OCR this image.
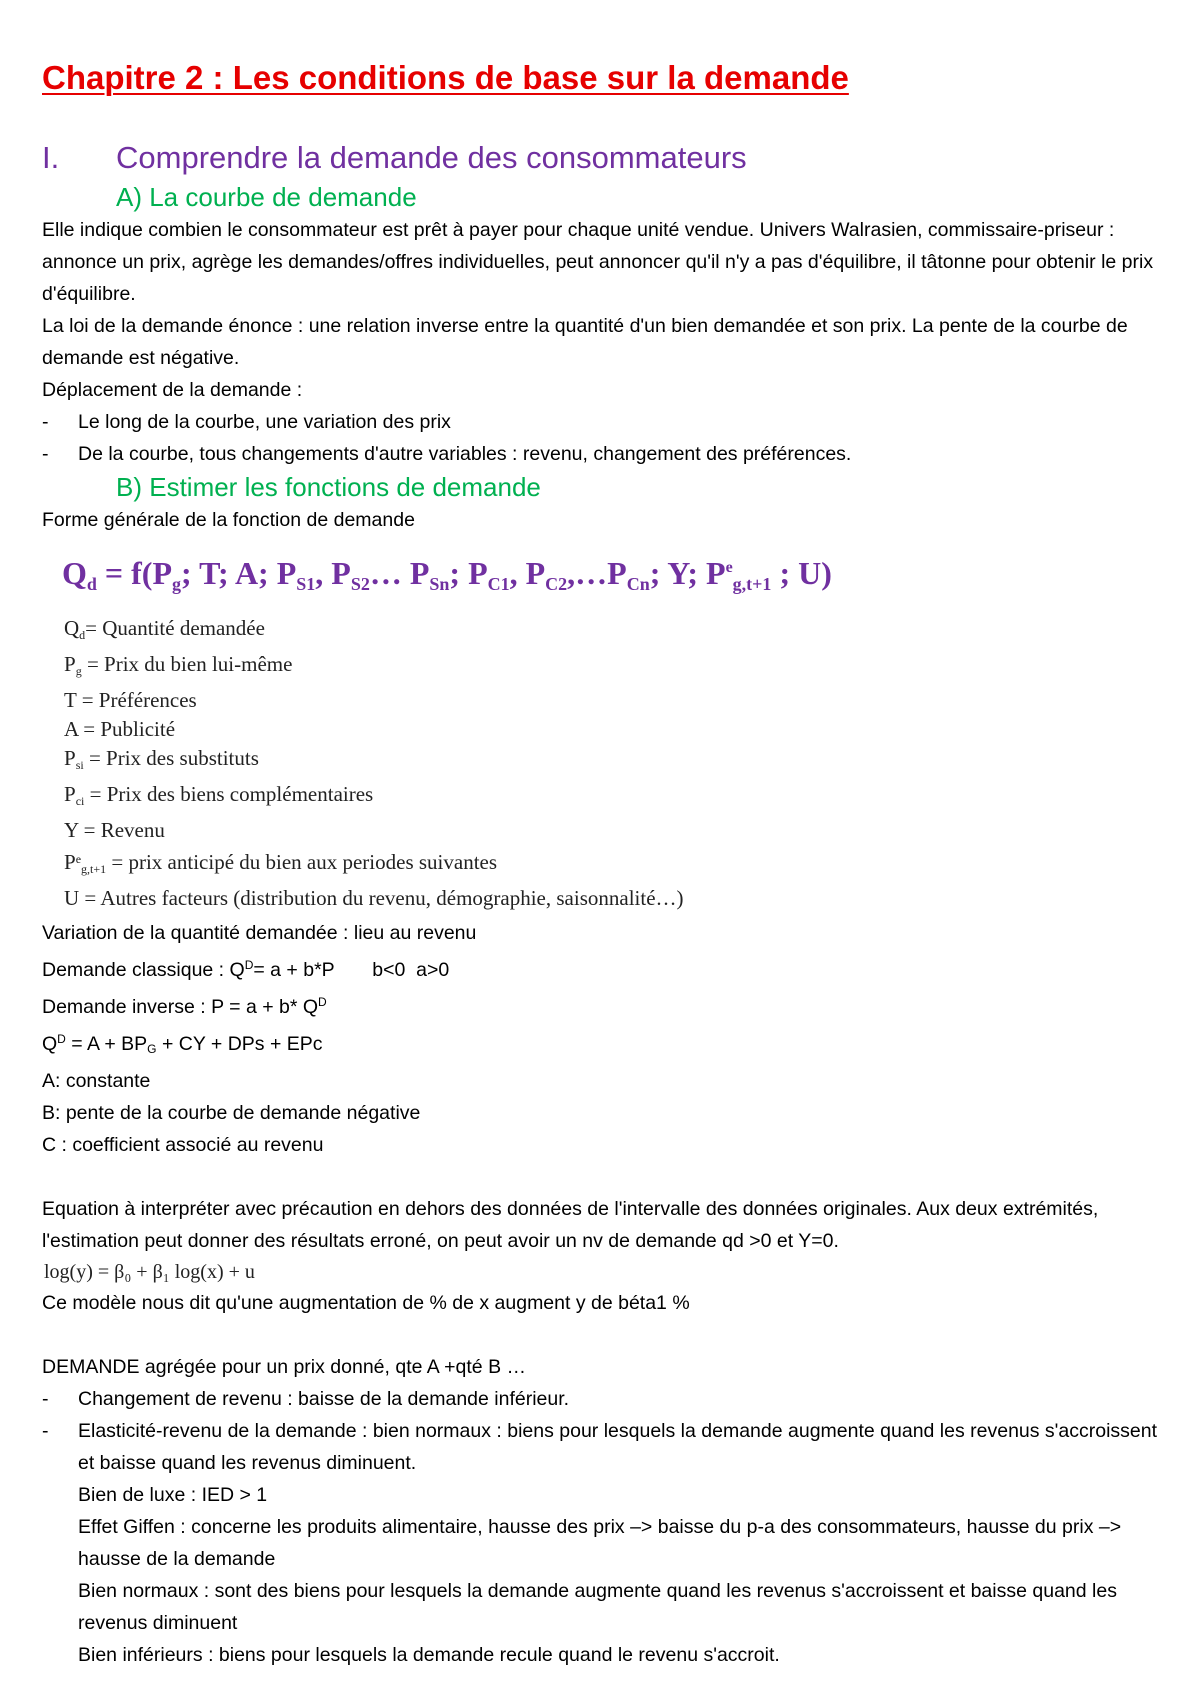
Chapitre 2 : Les conditions de base sur la demande
I.	Comprendre la demande des consommateurs
A) La courbe de demande

Elle indique combien le consommateur est prêt à payer pour chaque unité vendue. Univers Walrasien, commissaire-priseur : annonce un prix, agrège les demandes/offres individuelles, peut annoncer qu'il n'y a pas d'équilibre, il tâtonne pour obtenir le prix d'équilibre.

La loi de la demande énonce : une relation inverse entre la quantité d'un bien demandée et son prix. La pente de la courbe de demande est négative.

Déplacement de la demande :

-	Le long de la courbe, une variation des prix
-	De la courbe, tous changements d'autre variables : revenu, changement des préférences.
B) Estimer les fonctions de demande

Forme générale de la fonction de demande

$Q_d = f(P_g$; T; A; $P_{S1}$, $P_{S2}\dots$ $P_{Sn}$; $P_{C1}$, $P_{C2},\dots P_{Cn}$; Y; $P^e_{g,t+1}$ ; U)
$Q_d=$ Quantité demandée
$P_g$ = Prix du bien lui-même
T = Préférences
A = Publicité
$P_{si}$ = Prix des substituts
$P_{ci}$ = Prix des biens complémentaires
Y = Revenu
$P^e_{g,t+1}$ = prix anticipé du bien aux periodes suivantes
U = Autres facteurs (distribution du revenu, démographie, saisonnalité…)

Variation de la quantité demandée : lieu au revenu

Demande classique : $Q^D= a + b*P$       b<0  a>0

Demande inverse : P = a + b* $Q^D$

$Q^D = A + BP_G$ + CY + DPs + EPc

A: constante

B: pente de la courbe de demande négative

C : coefficient associé au revenu

Equation à interpréter avec précaution en dehors des données de l'intervalle des données originales. Aux deux extrémités, l'estimation peut donner des résultats erroné, on peut avoir un nv de demande qd >0 et Y=0.

log(y) = β₀ + β₁ log(x) + u

Ce modèle nous dit qu'une augmentation de % de x augment y de béta1 %

DEMANDE agrégée pour un prix donné, qte A +qté B …

-	Changement de revenu : baisse de la demande inférieur.
-	Elasticité-revenu de la demande : bien normaux : biens pour lesquels la demande augmente quand les revenus s'accroissent et baisse quand les revenus diminuent.

Bien de luxe : IED > 1

Effet Giffen : concerne les produits alimentaire, hausse des prix –> baisse du p-a des consommateurs, hausse du prix –> hausse de la demande

Bien normaux : sont des biens pour lesquels la demande augmente quand les revenus s'accroissent et baisse quand les revenus diminuent

Bien inférieurs : biens pour lesquels la demande recule quand le revenu s'accroit.
